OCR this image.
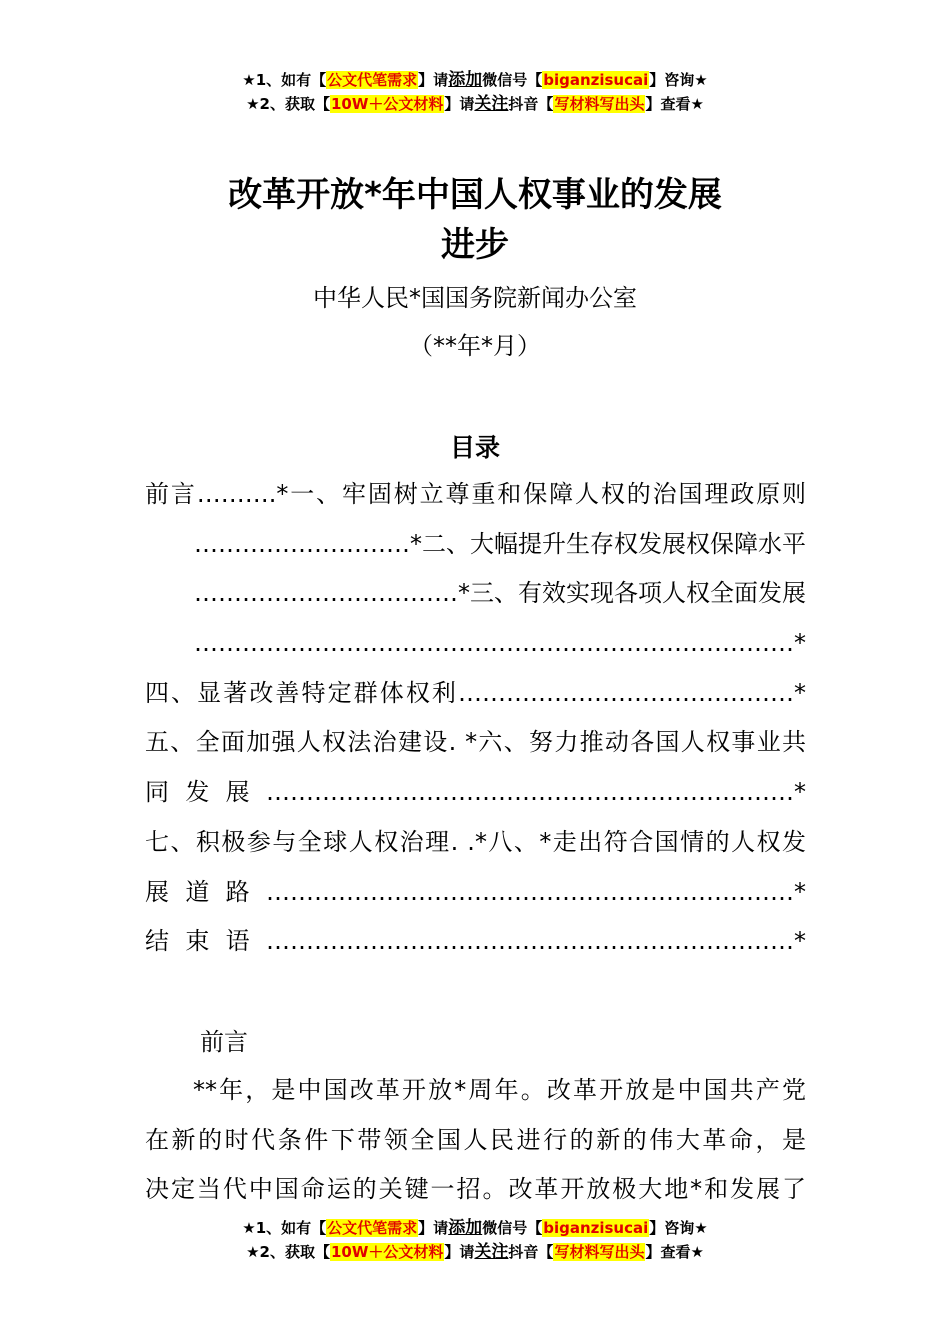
★1、如有【公文代笔需求】请添加微信号【biganzisucai】咨询★
★2、获取【10W＋公文材料】请关注抖音【写材料写出头】查看★
改革开放*年中国人权事业的发展
进步
中华人民*国国务院新闻办公室
（**年*月）
目录
前言……….*一、牢固树立尊重和保障人权的治国理政原则
………………………*二、大幅提升生存权发展权保障水平
……………………………*三、有效实现各项人权全面发展
…………………………………………………………………*
四、显著改善特定群体权利……………………………………*
五、全面加强人权法治建设. *六、努力推动各国人权事业共
同发展…………………………………………………………*
七、积极参与全球人权治理. .*八、*走出符合国情的人权发
展道路…………………………………………………………*
结束语…………………………………………………………*
前言
**年，是中国改革开放*周年。改革开放是中国共产党
在新的时代条件下带领全国人民进行的新的伟大革命，是
决定当代中国命运的关键一招。改革开放极大地*和发展了
★1、如有【公文代笔需求】请添加微信号【biganzisucai】咨询★
★2、获取【10W＋公文材料】请关注抖音【写材料写出头】查看★
